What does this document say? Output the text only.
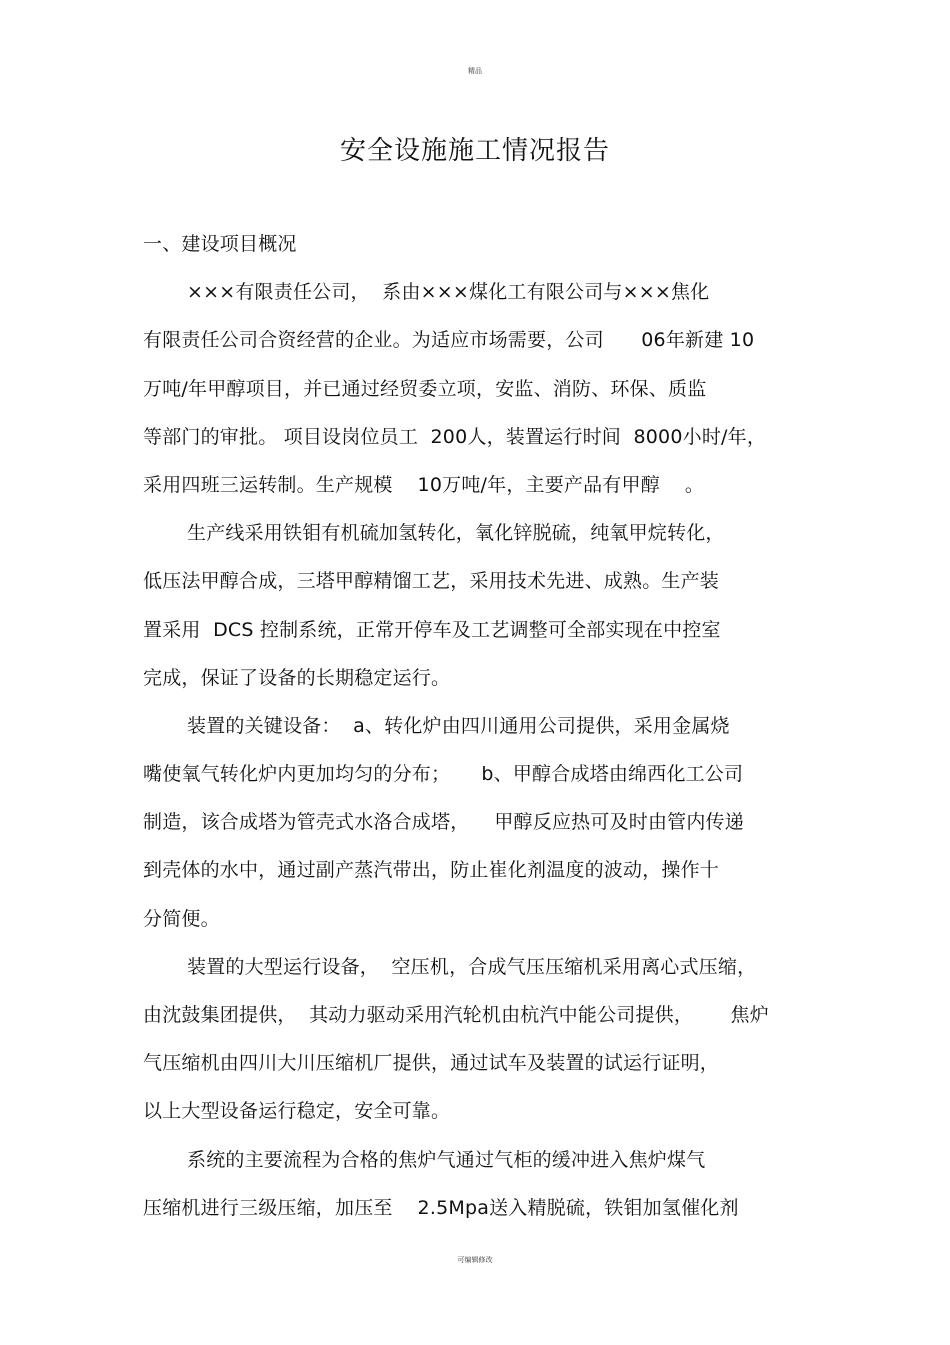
精品
安全设施施工情况报告
一、建设项目概况
×××有限责任公司，  系由×××煤化工有限公司与×××焦化
有限责任公司合资经营的企业。为适应市场需要，公司      06年新建 10
万吨/年甲醇项目，并已通过经贸委立项，安监、消防、环保、质监
等部门的审批。 项目设岗位员工  200人，装置运行时间  8000小时/年，
采用四班三运转制。生产规模    10万吨/年，主要产品有甲醇    。
生产线采用铁钼有机硫加氢转化，氧化锌脱硫，纯氧甲烷转化，
低压法甲醇合成，三塔甲醇精馏工艺，采用技术先进、成熟。生产装
置采用  DCS 控制系统，正常开停车及工艺调整可全部实现在中控室
完成，保证了设备的长期稳定运行。
装置的关键设备：  a、转化炉由四川通用公司提供，采用金属烧
嘴使氧气转化炉内更加均匀的分布；     b、甲醇合成塔由绵西化工公司
制造，该合成塔为管壳式水洛合成塔，    甲醇反应热可及时由管内传递
到壳体的水中，通过副产蒸汽带出，防止崔化剂温度的波动，操作十
分简便。
装置的大型运行设备，  空压机，合成气压压缩机采用离心式压缩，
由沈鼓集团提供，  其动力驱动采用汽轮机由杭汽中能公司提供，      焦炉
气压缩机由四川大川压缩机厂提供，通过试车及装置的试运行证明，
以上大型设备运行稳定，安全可靠。
系统的主要流程为合格的焦炉气通过气柜的缓冲进入焦炉煤气
压缩机进行三级压缩，加压至    2.5Mpa送入精脱硫，铁钼加氢催化剂
可编辑修改
